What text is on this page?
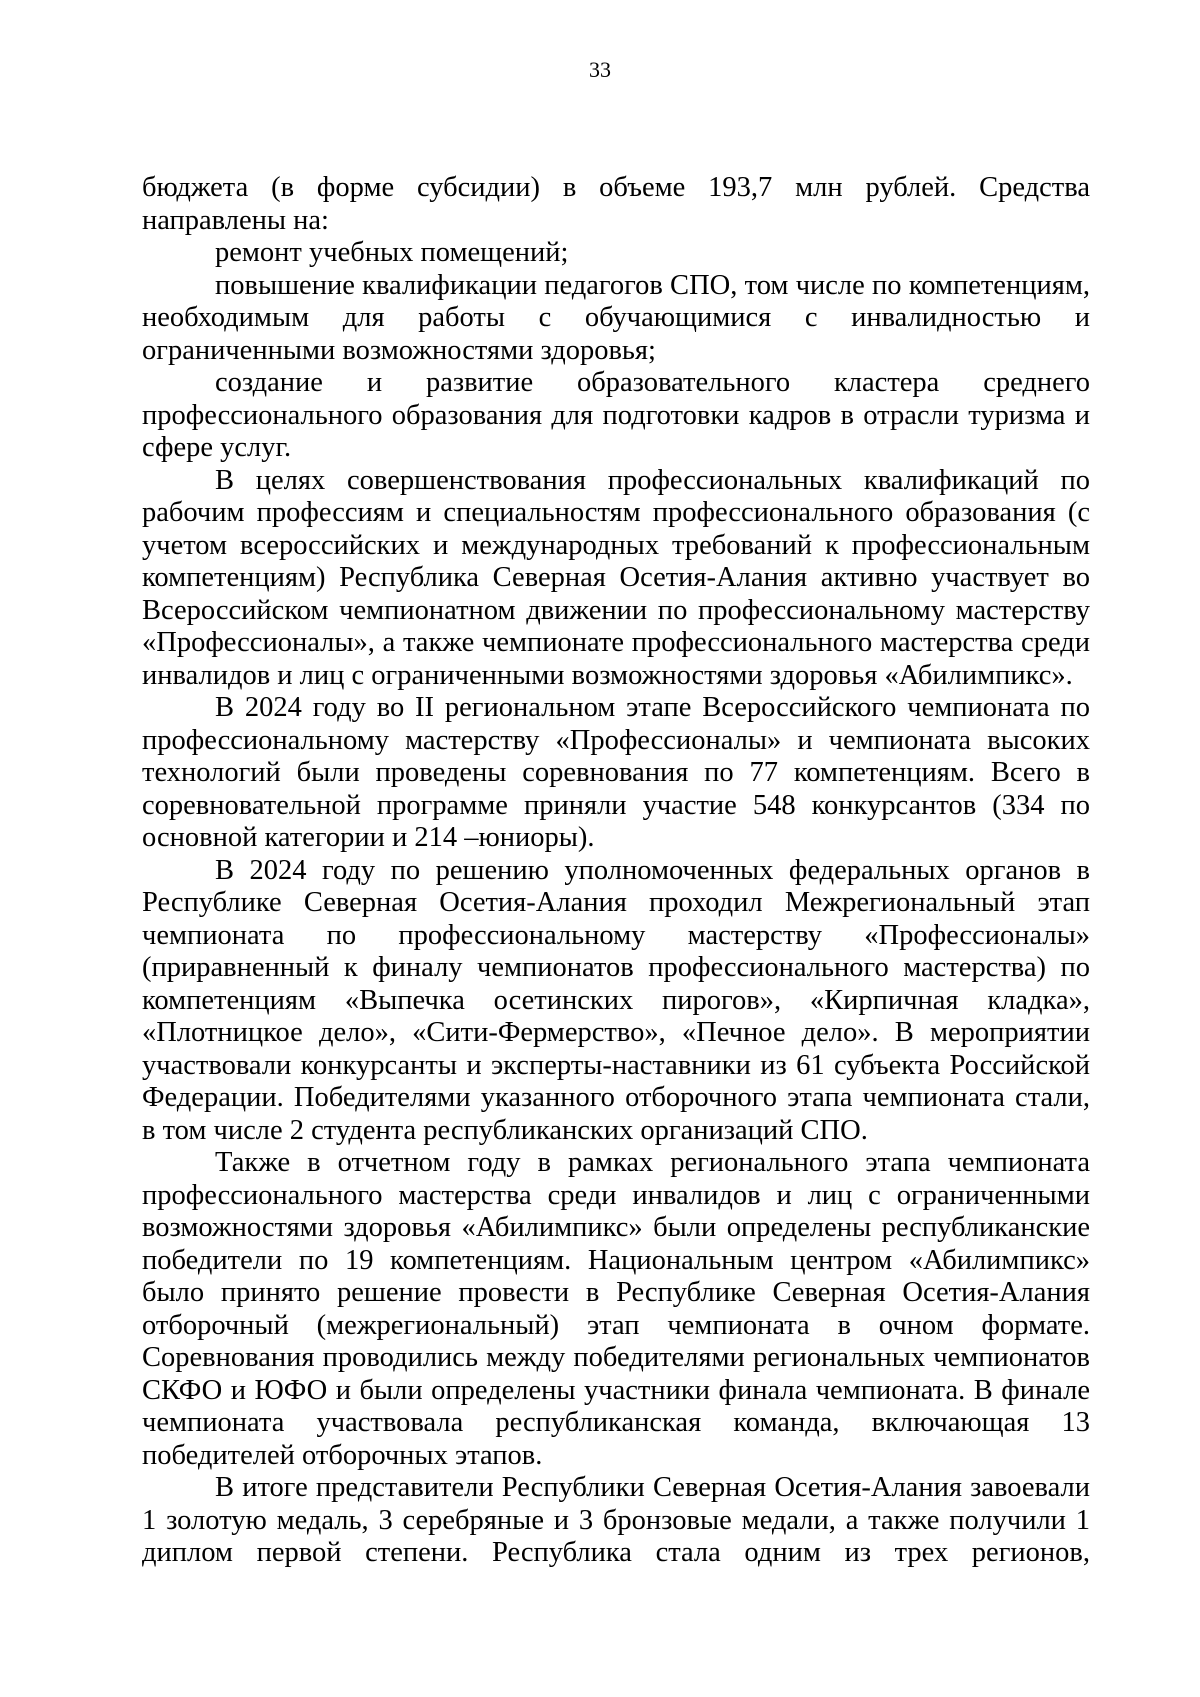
33

бюджета (в форме субсидии) в объеме 193,7 млн рублей. Средства направлены на:

ремонт учебных помещений;

повышение квалификации педагогов СПО, том числе по компетенциям, необходимым для работы с обучающимися с инвалидностью и ограниченными возможностями здоровья;

создание и развитие образовательного кластера среднего профессионального образования для подготовки кадров в отрасли туризма и сфере услуг.

В целях совершенствования профессиональных квалификаций по рабочим профессиям и специальностям профессионального образования (с учетом всероссийских и международных требований к профессиональным компетенциям) Республика Северная Осетия-Алания активно участвует во Всероссийском чемпионатном движении по профессиональному мастерству «Профессионалы», а также чемпионате профессионального мастерства среди инвалидов и лиц с ограниченными возможностями здоровья «Абилимпикс».

В 2024 году во II региональном этапе Всероссийского чемпионата по профессиональному мастерству «Профессионалы» и чемпионата высоких технологий были проведены соревнования по 77 компетенциям. Всего в соревновательной программе приняли участие 548 конкурсантов (334 по основной категории и 214 –юниоры).

В 2024 году по решению уполномоченных федеральных органов в Республике Северная Осетия-Алания проходил Межрегиональный этап чемпионата по профессиональному мастерству «Профессионалы» (приравненный к финалу чемпионатов профессионального мастерства) по компетенциям «Выпечка осетинских пирогов», «Кирпичная кладка», «Плотницкое дело», «Сити-Фермерство», «Печное дело». В мероприятии участвовали конкурсанты и эксперты-наставники из 61 субъекта Российской Федерации. Победителями указанного отборочного этапа чемпионата стали, в том числе 2 студента республиканских организаций СПО.

Также в отчетном году в рамках регионального этапа чемпионата профессионального мастерства среди инвалидов и лиц с ограниченными возможностями здоровья «Абилимпикс» были определены республиканские победители по 19 компетенциям. Национальным центром «Абилимпикс» было принято решение провести в Республике Северная Осетия-Алания отборочный (межрегиональный) этап чемпионата в очном формате. Соревнования проводились между победителями региональных чемпионатов СКФО и ЮФО и были определены участники финала чемпионата. В финале чемпионата участвовала республиканская команда, включающая 13 победителей отборочных этапов.

В итоге представители Республики Северная Осетия-Алания завоевали 1 золотую медаль, 3 серебряные и 3 бронзовые медали, а также получили 1 диплом первой степени. Республика стала одним из трех регионов,
